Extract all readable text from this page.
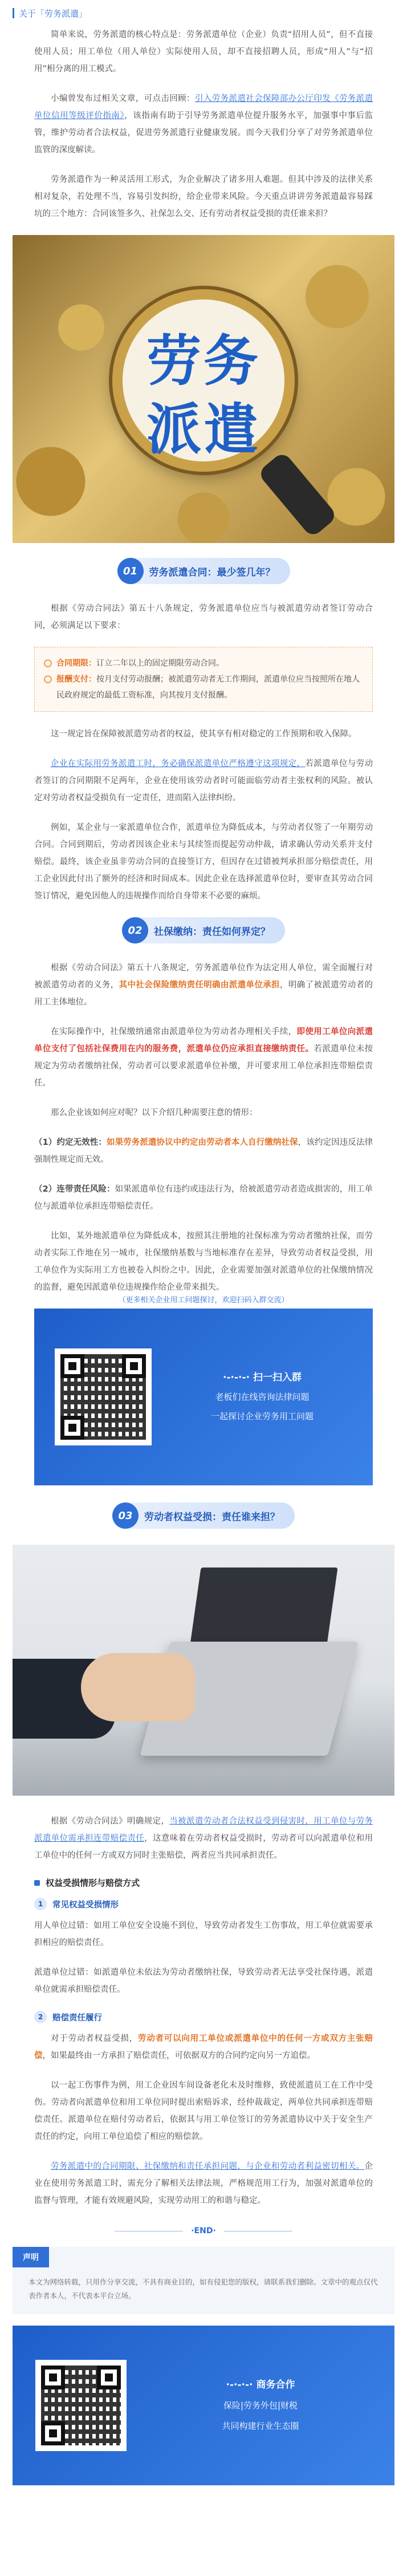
关于「劳务派遣」

简单来说，劳务派遣的核心特点是：劳务派遣单位（企业）负责“招用人员”，但不直接使用人员；用工单位（用人单位）实际使用人员，却不直接招聘人员，形成“用人”与“招用”相分离的用工模式。

小编曾发布过相关文章，可点击回顾：引入劳务派遣社会保障部办公厅印发《劳务派遣单位信用等级评价指南》，该指南有助于引导劳务派遣单位提升服务水平，加强事中事后监管，维护劳动者合法权益，促进劳务派遣行业健康发展。而今天我们分享了对劳务派遣单位监管的深度解读。

劳务派遣作为一种灵活用工形式，为企业解决了诸多用人难题。但其中涉及的法律关系相对复杂，若处理不当，容易引发纠纷，给企业带来风险。今天重点讲讲劳务派遣最容易踩坑的三个地方：合同该签多久、社保怎么交、还有劳动者权益受损的责任谁来担？

劳务
派遣
01	劳务派遣合同：最少签几年？

根据《劳动合同法》第五十八条规定，劳务派遣单位应当与被派遣劳动者签订劳动合同，必须满足以下要求：

合同期限：订立二年以上的固定期限劳动合同。
报酬支付：按月支付劳动报酬；被派遣劳动者无工作期间，派遣单位应当按照所在地人民政府规定的最低工资标准，向其按月支付报酬。

这一规定旨在保障被派遣劳动者的权益，使其享有相对稳定的工作预期和收入保障。

企业在实际用劳务派遣工时，务必确保派遣单位严格遵守这项规定，若派遣单位与劳动者签订的合同期限不足两年，企业在使用该劳动者时可能面临劳动者主张权利的风险。被认定对劳动者权益受损负有一定责任，进而陷入法律纠纷。

例如，某企业与一家派遣单位合作，派遣单位为降低成本，与劳动者仅签了一年期劳动合同。合同到期后，劳动者因该企业未与其续签而提起劳动仲裁，请求确认劳动关系并支付赔偿。最终，该企业虽非劳动合同的直接签订方，但因存在过错被判承担部分赔偿责任，用工企业因此付出了额外的经济和时间成本。因此企业在选择派遣单位时，要审查其劳动合同签订情况，避免因他人的违规操作而给自身带来不必要的麻烦。

02	社保缴纳：责任如何界定？

根据《劳动合同法》第五十八条规定，劳务派遣单位作为法定用人单位，需全面履行对被派遣劳动者的义务，其中社会保险缴纳责任明确由派遣单位承担，明确了被派遣劳动者的用工主体地位。

在实际操作中，社保缴纳通常由派遣单位为劳动者办理相关手续，即使用工单位向派遣单位支付了包括社保费用在内的服务费，派遣单位仍应承担直接缴纳责任。若派遣单位未按规定为劳动者缴纳社保，劳动者可以要求派遣单位补缴，并可要求用工单位承担连带赔偿责任。

那么企业该如何应对呢？以下介绍几种需要注意的情形：

（1）约定无效性：如果劳务派遣协议中约定由劳动者本人自行缴纳社保，该约定因违反法律强制性规定而无效。

（2）连带责任风险：如果派遣单位有违约或违法行为，给被派遣劳动者造成损害的，用工单位与派遣单位承担连带赔偿责任。

比如，某外地派遣单位为降低成本，按照其注册地的社保标准为劳动者缴纳社保，而劳动者实际工作地在另一城市，社保缴纳基数与当地标准存在差异，导致劳动者权益受损，用工单位作为实际用工方也被卷入纠纷之中。因此，企业需要加强对派遣单位的社保缴纳情况的监督，避免因派遣单位违规操作给企业带来损失。

（更多相关企业用工问题探讨，欢迎扫码入群交流）
·-·-·-· 扫一扫入群
老板们在线咨询法律问题
一起探讨企业劳务用工问题
03	劳动者权益受损：责任谁来担？

根据《劳动合同法》明确规定，当被派遣劳动者合法权益受到侵害时，用工单位与劳务派遣单位需承担连带赔偿责任，这意味着在劳动者权益受损时，劳动者可以向派遣单位和用工单位中的任何一方或双方同时主张赔偿，两者应当共同承担责任。

权益受损情形与赔偿方式
1	常见权益受损情形

用人单位过错：如用工单位安全设施不到位，导致劳动者发生工伤事故，用工单位就需要承担相应的赔偿责任。

派遣单位过错：如派遣单位未依法为劳动者缴纳社保，导致劳动者无法享受社保待遇，派遣单位就需承担赔偿责任。

2	赔偿责任履行

对于劳动者权益受损，劳动者可以向用工单位或派遣单位中的任何一方或双方主张赔偿，如果最终由一方承担了赔偿责任，可依据双方的合同约定向另一方追偿。

以一起工伤事件为例，用工企业因车间设备老化未及时维修，致使派遣员工在工作中受伤。劳动者向派遣单位和用工单位同时提出索赔诉求，经仲裁裁定，两单位共同承担连带赔偿责任。派遣单位在赔付劳动者后，依据其与用工单位签订的劳务派遣协议中关于安全生产责任的约定，向用工单位追偿了相应的赔偿款。

劳务派遣中的合同期限、社保缴纳和责任承担问题，与企业和劳动者利益密切相关。企业在使用劳务派遣工时，需充分了解相关法律法规，严格规范用工行为，加强对派遣单位的监督与管理，才能有效规避风险，实现劳动用工的和谐与稳定。

·END·
声明

本文为网络转载，只用作分享交流，不具有商业目的，如有侵犯您的版权，请联系我们删除。文章中的观点仅代表作者本人，不代表本平台立场。

·-·-·-· 商务合作
保险|劳务外包|财税
共同构建行业生态圈
